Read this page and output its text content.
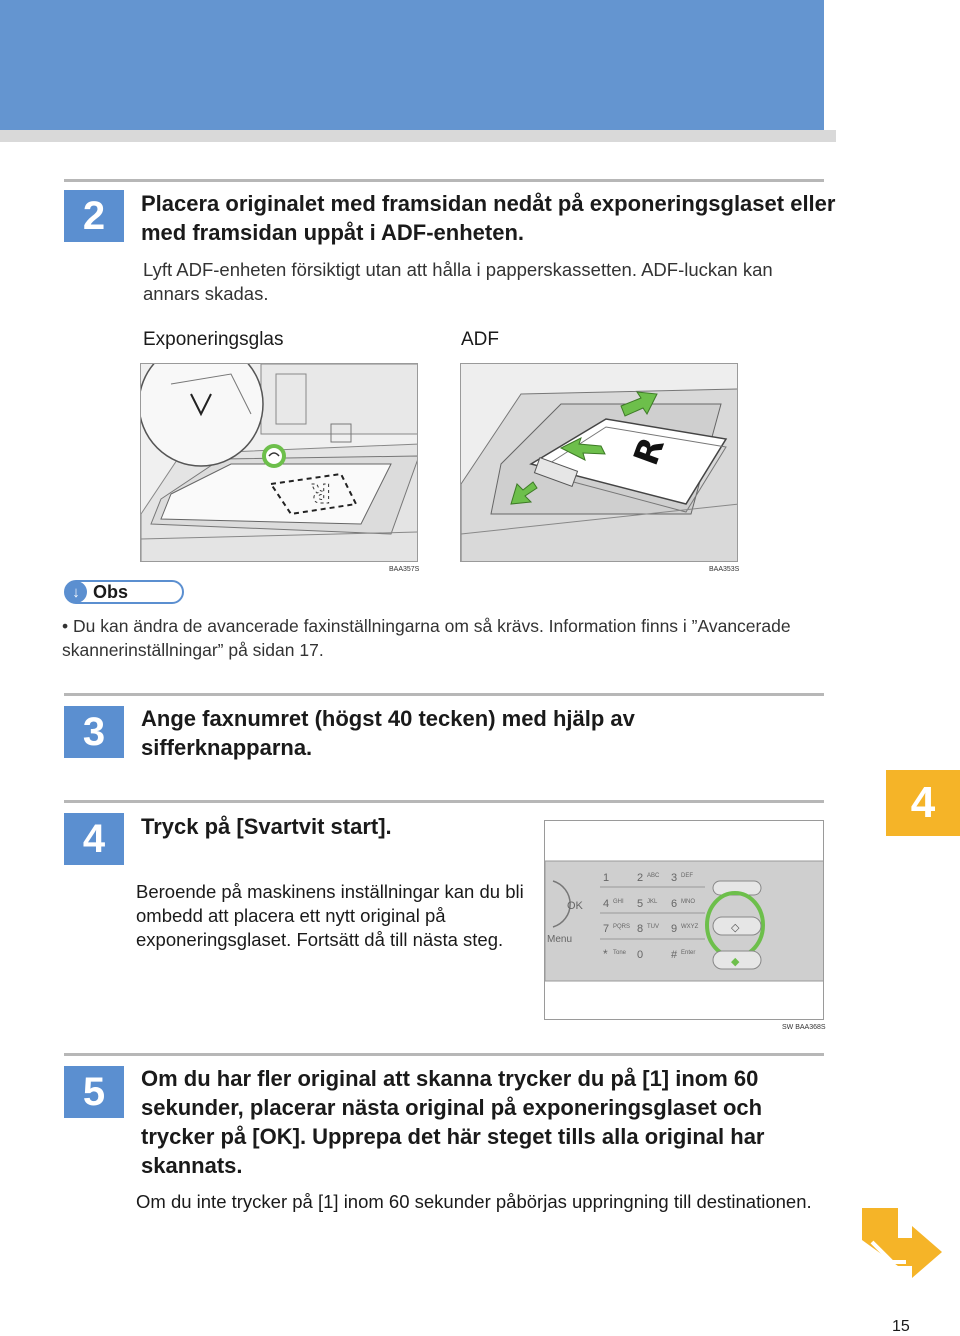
2	Placera originalet med framsidan nedåt på exponeringsglaset eller med framsidan uppåt i ADF-enheten.
Lyft ADF-enheten försiktigt utan att hålla i papperskassetten. ADF-luckan kan annars skadas.
Exponeringsglas	ADF
R
BAA357S
R
BAA353S
↓ Obs
• Du kan ändra de avancerade faxinställningarna om så krävs. Information finns i ”Avancerade skannerinställningar” på sidan 17.
3	Ange faxnumret (högst 40 tecken) med hjälp av sifferknapparna.
4	Tryck på [Svartvit start].
Beroende på maskinens inställningar kan du bli ombedd att placera ett nytt original på exponeringsglaset. Fortsätt då till nästa steg.
OK
Menu
1	2 ABC 3 DEF
4 GHI 5 JKL 6 MNO
7 PQRS 8 TUV 9 WXYZ
* Tone 0	# Enter
◇
◆
SW BAA368S
5	Om du har fler original att skanna trycker du på [1] inom 60 sekunder, placerar nästa original på exponeringsglaset och trycker på [OK]. Upprepa det här steget tills alla original har skannats.
Om du inte trycker på [1] inom 60 sekunder påbörjas uppringning till destinationen.
4
15
